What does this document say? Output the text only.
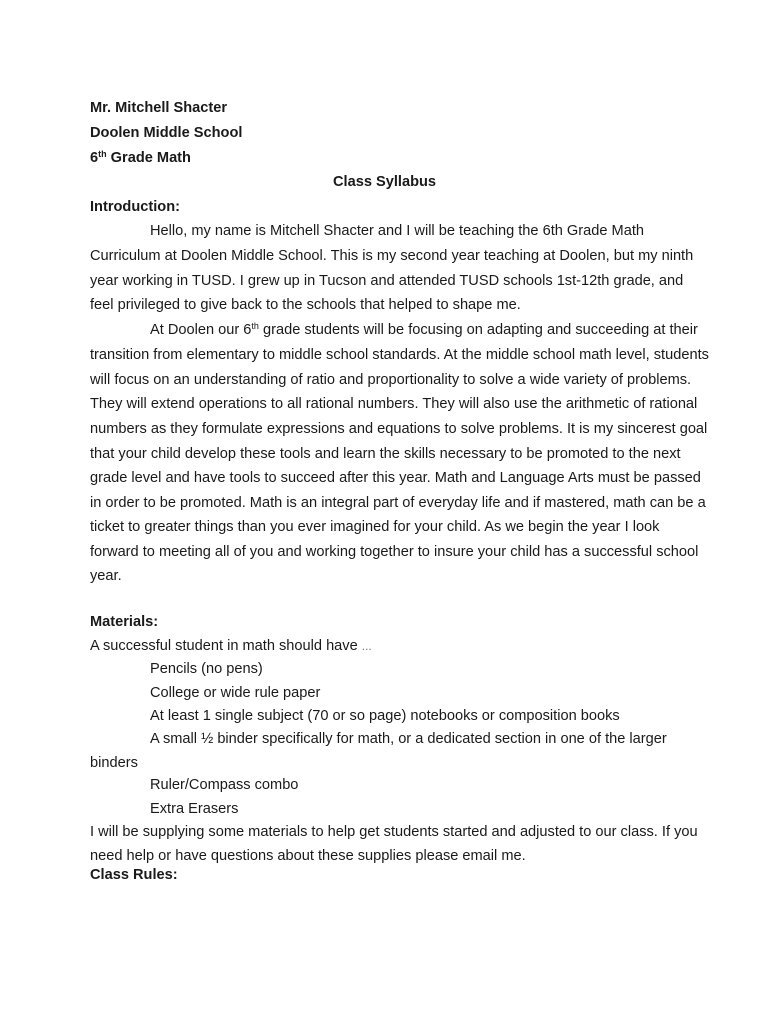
Mr. Mitchell Shacter
Doolen Middle School
6th Grade Math
Class Syllabus
Introduction:
Hello, my name is Mitchell Shacter and I will be teaching the 6th Grade Math
Curriculum at Doolen Middle School. This is my second year teaching at Doolen, but my ninth
year working in TUSD. I grew up in Tucson and attended TUSD schools 1st-12th grade, and
feel privileged to give back to the schools that helped to shape me.
At Doolen our 6th grade students will be focusing on adapting and succeeding at their
transition from elementary to middle school standards. At the middle school math level, students
will focus on an understanding of ratio and proportionality to solve a wide variety of problems.
They will extend operations to all rational numbers. They will also use the arithmetic of rational
numbers as they formulate expressions and equations to solve problems. It is my sincerest goal
that your child develop these tools and learn the skills necessary to be promoted to the next
grade level and have tools to succeed after this year. Math and Language Arts must be passed
in order to be promoted. Math is an integral part of everyday life and if mastered, math can be a
ticket to greater things than you ever imagined for your child. As we begin the year I look
forward to meeting all of you and working together to insure your child has a successful school
year.
Materials:
A successful student in math should have ...
Pencils (no pens)
College or wide rule paper
At least 1 single subject (70 or so page) notebooks or composition books
A small ½ binder specifically for math, or a dedicated section in one of the larger
binders
Ruler/Compass combo
Extra Erasers
I will be supplying some materials to help get students started and adjusted to our class. If you
need help or have questions about these supplies please email me.
Class Rules:
